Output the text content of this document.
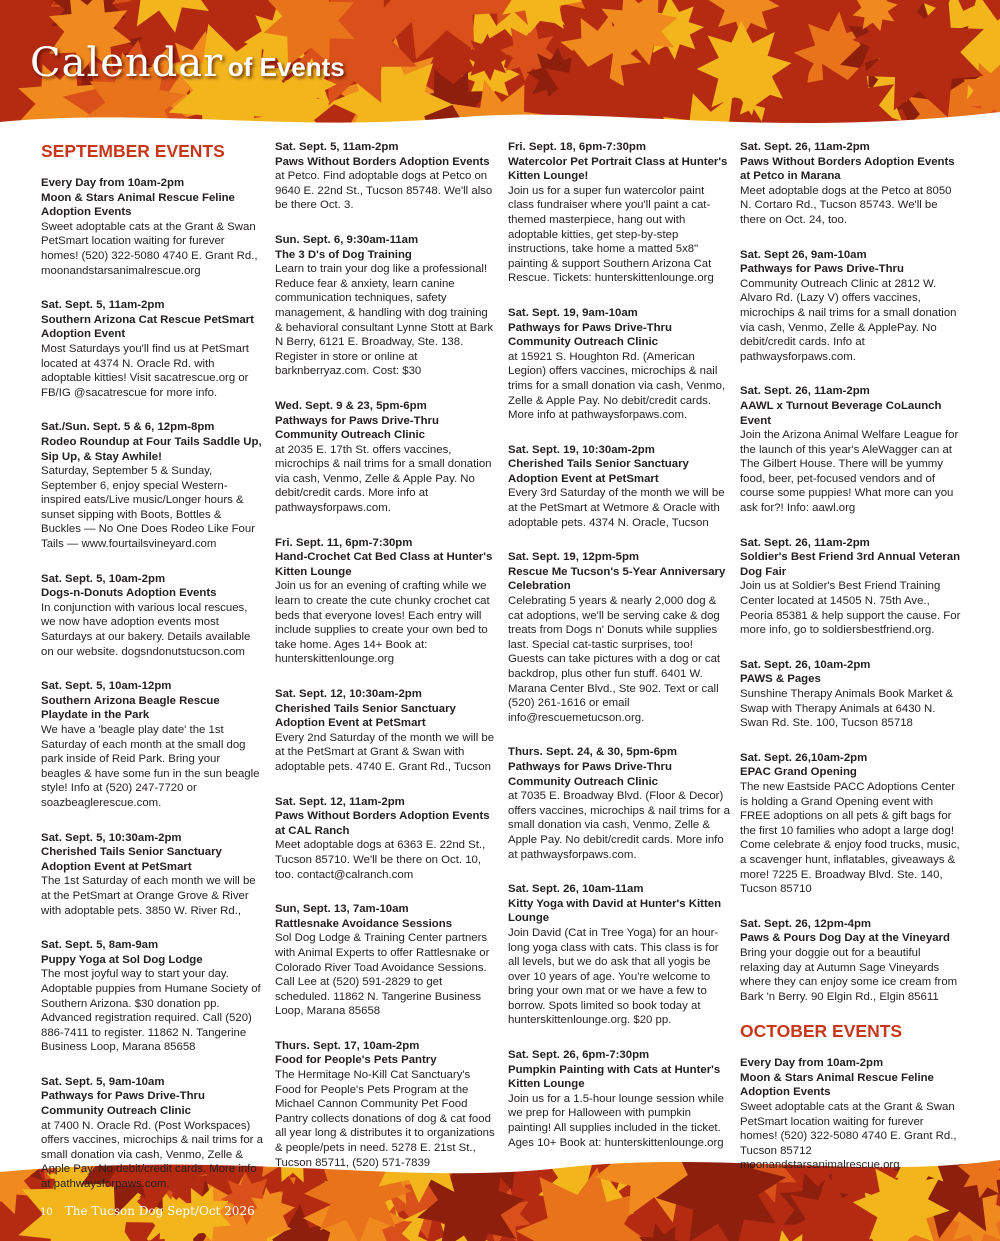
Calendar of Events
SEPTEMBER EVENTS
Every Day from 10am-2pm
Moon & Stars Animal Rescue Feline Adoption Events
Sweet adoptable cats at the Grant & Swan PetSmart location waiting for furever homes! (520) 322-5080 4740 E. Grant Rd., moonandstarsanimalrescue.org
Sat. Sept. 5, 11am-2pm
Southern Arizona Cat Rescue PetSmart Adoption Event
Most Saturdays you'll find us at PetSmart located at 4374 N. Oracle Rd. with adoptable kitties! Visit sacatrescue.org or FB/IG @sacatrescue for more info.
Sat./Sun. Sept. 5 & 6, 12pm-8pm
Rodeo Roundup at Four Tails Saddle Up, Sip Up, & Stay Awhile!
Saturday, September 5 & Sunday, September 6, enjoy special Western-inspired eats/Live music/Longer hours & sunset sipping with Boots, Bottles & Buckles — No One Does Rodeo Like Four Tails — www.fourtailsvineyard.com
Sat. Sept. 5, 10am-2pm
Dogs-n-Donuts Adoption Events
In conjunction with various local rescues, we now have adoption events most Saturdays at our bakery. Details available on our website. dogsndonutstucson.com
Sat. Sept. 5, 10am-12pm
Southern Arizona Beagle Rescue Playdate in the Park
We have a 'beagle play date' the 1st Saturday of each month at the small dog park inside of Reid Park. Bring your beagles & have some fun in the sun beagle style! Info at (520) 247-7720 or soazbeaglerescue.com.
Sat. Sept. 5, 10:30am-2pm
Cherished Tails Senior Sanctuary Adoption Event at PetSmart
The 1st Saturday of each month we will be at the PetSmart at Orange Grove & River with adoptable pets. 3850 W. River Rd.,
Sat. Sept. 5, 8am-9am
Puppy Yoga at Sol Dog Lodge
The most joyful way to start your day. Adoptable puppies from Humane Society of Southern Arizona. $30 donation pp. Advanced registration required. Call (520) 886-7411 to register. 11862 N. Tangerine Business Loop, Marana 85658
Sat. Sept. 5, 9am-10am
Pathways for Paws Drive-Thru Community Outreach Clinic
at 7400 N. Oracle Rd. (Post Workspaces) offers vaccines, microchips & nail trims for a small donation via cash, Venmo, Zelle & Apple Pay. No debit/credit cards. More info at pathwaysforpaws.com.
Sat. Sept. 5, 11am-2pm
Paws Without Borders Adoption Events
at Petco. Find adoptable dogs at Petco on 9640 E. 22nd St., Tucson 85748. We'll also be there Oct. 3.
Sun. Sept. 6, 9:30am-11am
The 3 D's of Dog Training
Learn to train your dog like a professional! Reduce fear & anxiety, learn canine communication techniques, safety management, & handling with dog training & behavioral consultant Lynne Stott at Bark N Berry, 6121 E. Broadway, Ste. 138. Register in store or online at barknberryaz.com. Cost: $30
Wed. Sept. 9 & 23, 5pm-6pm
Pathways for Paws Drive-Thru Community Outreach Clinic
at 2035 E. 17th St. offers vaccines, microchips & nail trims for a small donation via cash, Venmo, Zelle & Apple Pay. No debit/credit cards. More info at pathwaysforpaws.com.
Fri. Sept. 11, 6pm-7:30pm
Hand-Crochet Cat Bed Class at Hunter's Kitten Lounge
Join us for an evening of crafting while we learn to create the cute chunky crochet cat beds that everyone loves! Each entry will include supplies to create your own bed to take home. Ages 14+ Book at: hunterskittenlounge.org
Sat. Sept. 12, 10:30am-2pm
Cherished Tails Senior Sanctuary Adoption Event at PetSmart
Every 2nd Saturday of the month we will be at the PetSmart at Grant & Swan with adoptable pets. 4740 E. Grant Rd., Tucson
Sat. Sept. 12, 11am-2pm
Paws Without Borders Adoption Events at CAL Ranch
Meet adoptable dogs at 6363 E. 22nd St., Tucson 85710. We'll be there on Oct. 10, too. contact@calranch.com
Sun, Sept. 13, 7am-10am
Rattlesnake Avoidance Sessions
Sol Dog Lodge & Training Center partners with Animal Experts to offer Rattlesnake or Colorado River Toad Avoidance Sessions. Call Lee at (520) 591-2829 to get scheduled. 11862 N. Tangerine Business Loop, Marana 85658
Thurs. Sept. 17, 10am-2pm
Food for People's Pets Pantry
The Hermitage No-Kill Cat Sanctuary's Food for People's Pets Program at the Michael Cannon Community Pet Food Pantry collects donations of dog & cat food all year long & distributes it to organizations & people/pets in need. 5278 E. 21st St., Tucson 85711, (520) 571-7839
Fri. Sept. 18, 6pm-7:30pm
Watercolor Pet Portrait Class at Hunter's Kitten Lounge!
Join us for a super fun watercolor paint class fundraiser where you'll paint a cat-themed masterpiece, hang out with adoptable kitties, get step-by-step instructions, take home a matted 5x8" painting & support Southern Arizona Cat Rescue. Tickets: hunterskittenlounge.org
Sat. Sept. 19, 9am-10am
Pathways for Paws Drive-Thru Community Outreach Clinic
at 15921 S. Houghton Rd. (American Legion) offers vaccines, microchips & nail trims for a small donation via cash, Venmo, Zelle & Apple Pay. No debit/credit cards. More info at pathwaysforpaws.com.
Sat. Sept. 19, 10:30am-2pm
Cherished Tails Senior Sanctuary Adoption Event at PetSmart
Every 3rd Saturday of the month we will be at the PetSmart at Wetmore & Oracle with adoptable pets. 4374 N. Oracle, Tucson
Sat. Sept. 19, 12pm-5pm
Rescue Me Tucson's 5-Year Anniversary Celebration
Celebrating 5 years & nearly 2,000 dog & cat adoptions, we'll be serving cake & dog treats from Dogs n' Donuts while supplies last. Special cat-tastic surprises, too! Guests can take pictures with a dog or cat backdrop, plus other fun stuff. 6401 W. Marana Center Blvd., Ste 902. Text or call (520) 261-1616 or email info@rescuemetucson.org.
Thurs. Sept. 24, & 30, 5pm-6pm
Pathways for Paws Drive-Thru Community Outreach Clinic
at 7035 E. Broadway Blvd. (Floor & Decor) offers vaccines, microchips & nail trims for a small donation via cash, Venmo, Zelle & Apple Pay. No debit/credit cards. More info at pathwaysforpaws.com.
Sat. Sept. 26, 10am-11am
Kitty Yoga with David at Hunter's Kitten Lounge
Join David (Cat in Tree Yoga) for an hour-long yoga class with cats. This class is for all levels, but we do ask that all yogis be over 10 years of age. You're welcome to bring your own mat or we have a few to borrow. Spots limited so book today at hunterskittenlounge.org. $20 pp.
Sat. Sept. 26, 6pm-7:30pm
Pumpkin Painting with Cats at Hunter's Kitten Lounge
Join us for a 1.5-hour lounge session while we prep for Halloween with pumpkin painting! All supplies included in the ticket. Ages 10+ Book at: hunterskittenlounge.org
Sat. Sept. 26, 11am-2pm
Paws Without Borders Adoption Events at Petco in Marana
Meet adoptable dogs at the Petco at 8050 N. Cortaro Rd., Tucson 85743. We'll be there on Oct. 24, too.
Sat. Sept 26, 9am-10am
Pathways for Paws Drive-Thru
Community Outreach Clinic at 2812 W. Alvaro Rd. (Lazy V) offers vaccines, microchips & nail trims for a small donation via cash, Venmo, Zelle & ApplePay. No debit/credit cards. Info at pathwaysforpaws.com.
Sat. Sept. 26, 11am-2pm
AAWL x Turnout Beverage CoLaunch Event
Join the Arizona Animal Welfare League for the launch of this year's AleWagger can at The Gilbert House. There will be yummy food, beer, pet-focused vendors and of course some puppies! What more can you ask for?! Info: aawl.org
Sat. Sept. 26, 11am-2pm
Soldier's Best Friend 3rd Annual Veteran Dog Fair
Join us at Soldier's Best Friend Training Center located at 14505 N. 75th Ave., Peoria 85381 & help support the cause. For more info, go to soldiersbestfriend.org.
Sat. Sept. 26, 10am-2pm
PAWS & Pages
Sunshine Therapy Animals Book Market & Swap with Therapy Animals at 6430 N. Swan Rd. Ste. 100, Tucson 85718
Sat. Sept. 26,10am-2pm
EPAC Grand Opening
The new Eastside PACC Adoptions Center is holding a Grand Opening event with FREE adoptions on all pets & gift bags for the first 10 families who adopt a large dog! Come celebrate & enjoy food trucks, music, a scavenger hunt, inflatables, giveaways & more! 7225 E. Broadway Blvd. Ste. 140, Tucson 85710
Sat. Sept. 26, 12pm-4pm
Paws & Pours Dog Day at the Vineyard
Bring your doggie out for a beautiful relaxing day at Autumn Sage Vineyards where they can enjoy some ice cream from Bark 'n Berry. 90 Elgin Rd., Elgin 85611
OCTOBER EVENTS
Every Day from 10am-2pm
Moon & Stars Animal Rescue Feline Adoption Events
Sweet adoptable cats at the Grant & Swan PetSmart location waiting for furever homes! (520) 322-5080 4740 E. Grant Rd., Tucson 85712 moonandstarsanimalrescue.org
10 The Tucson Dog Sept/Oct 2026
